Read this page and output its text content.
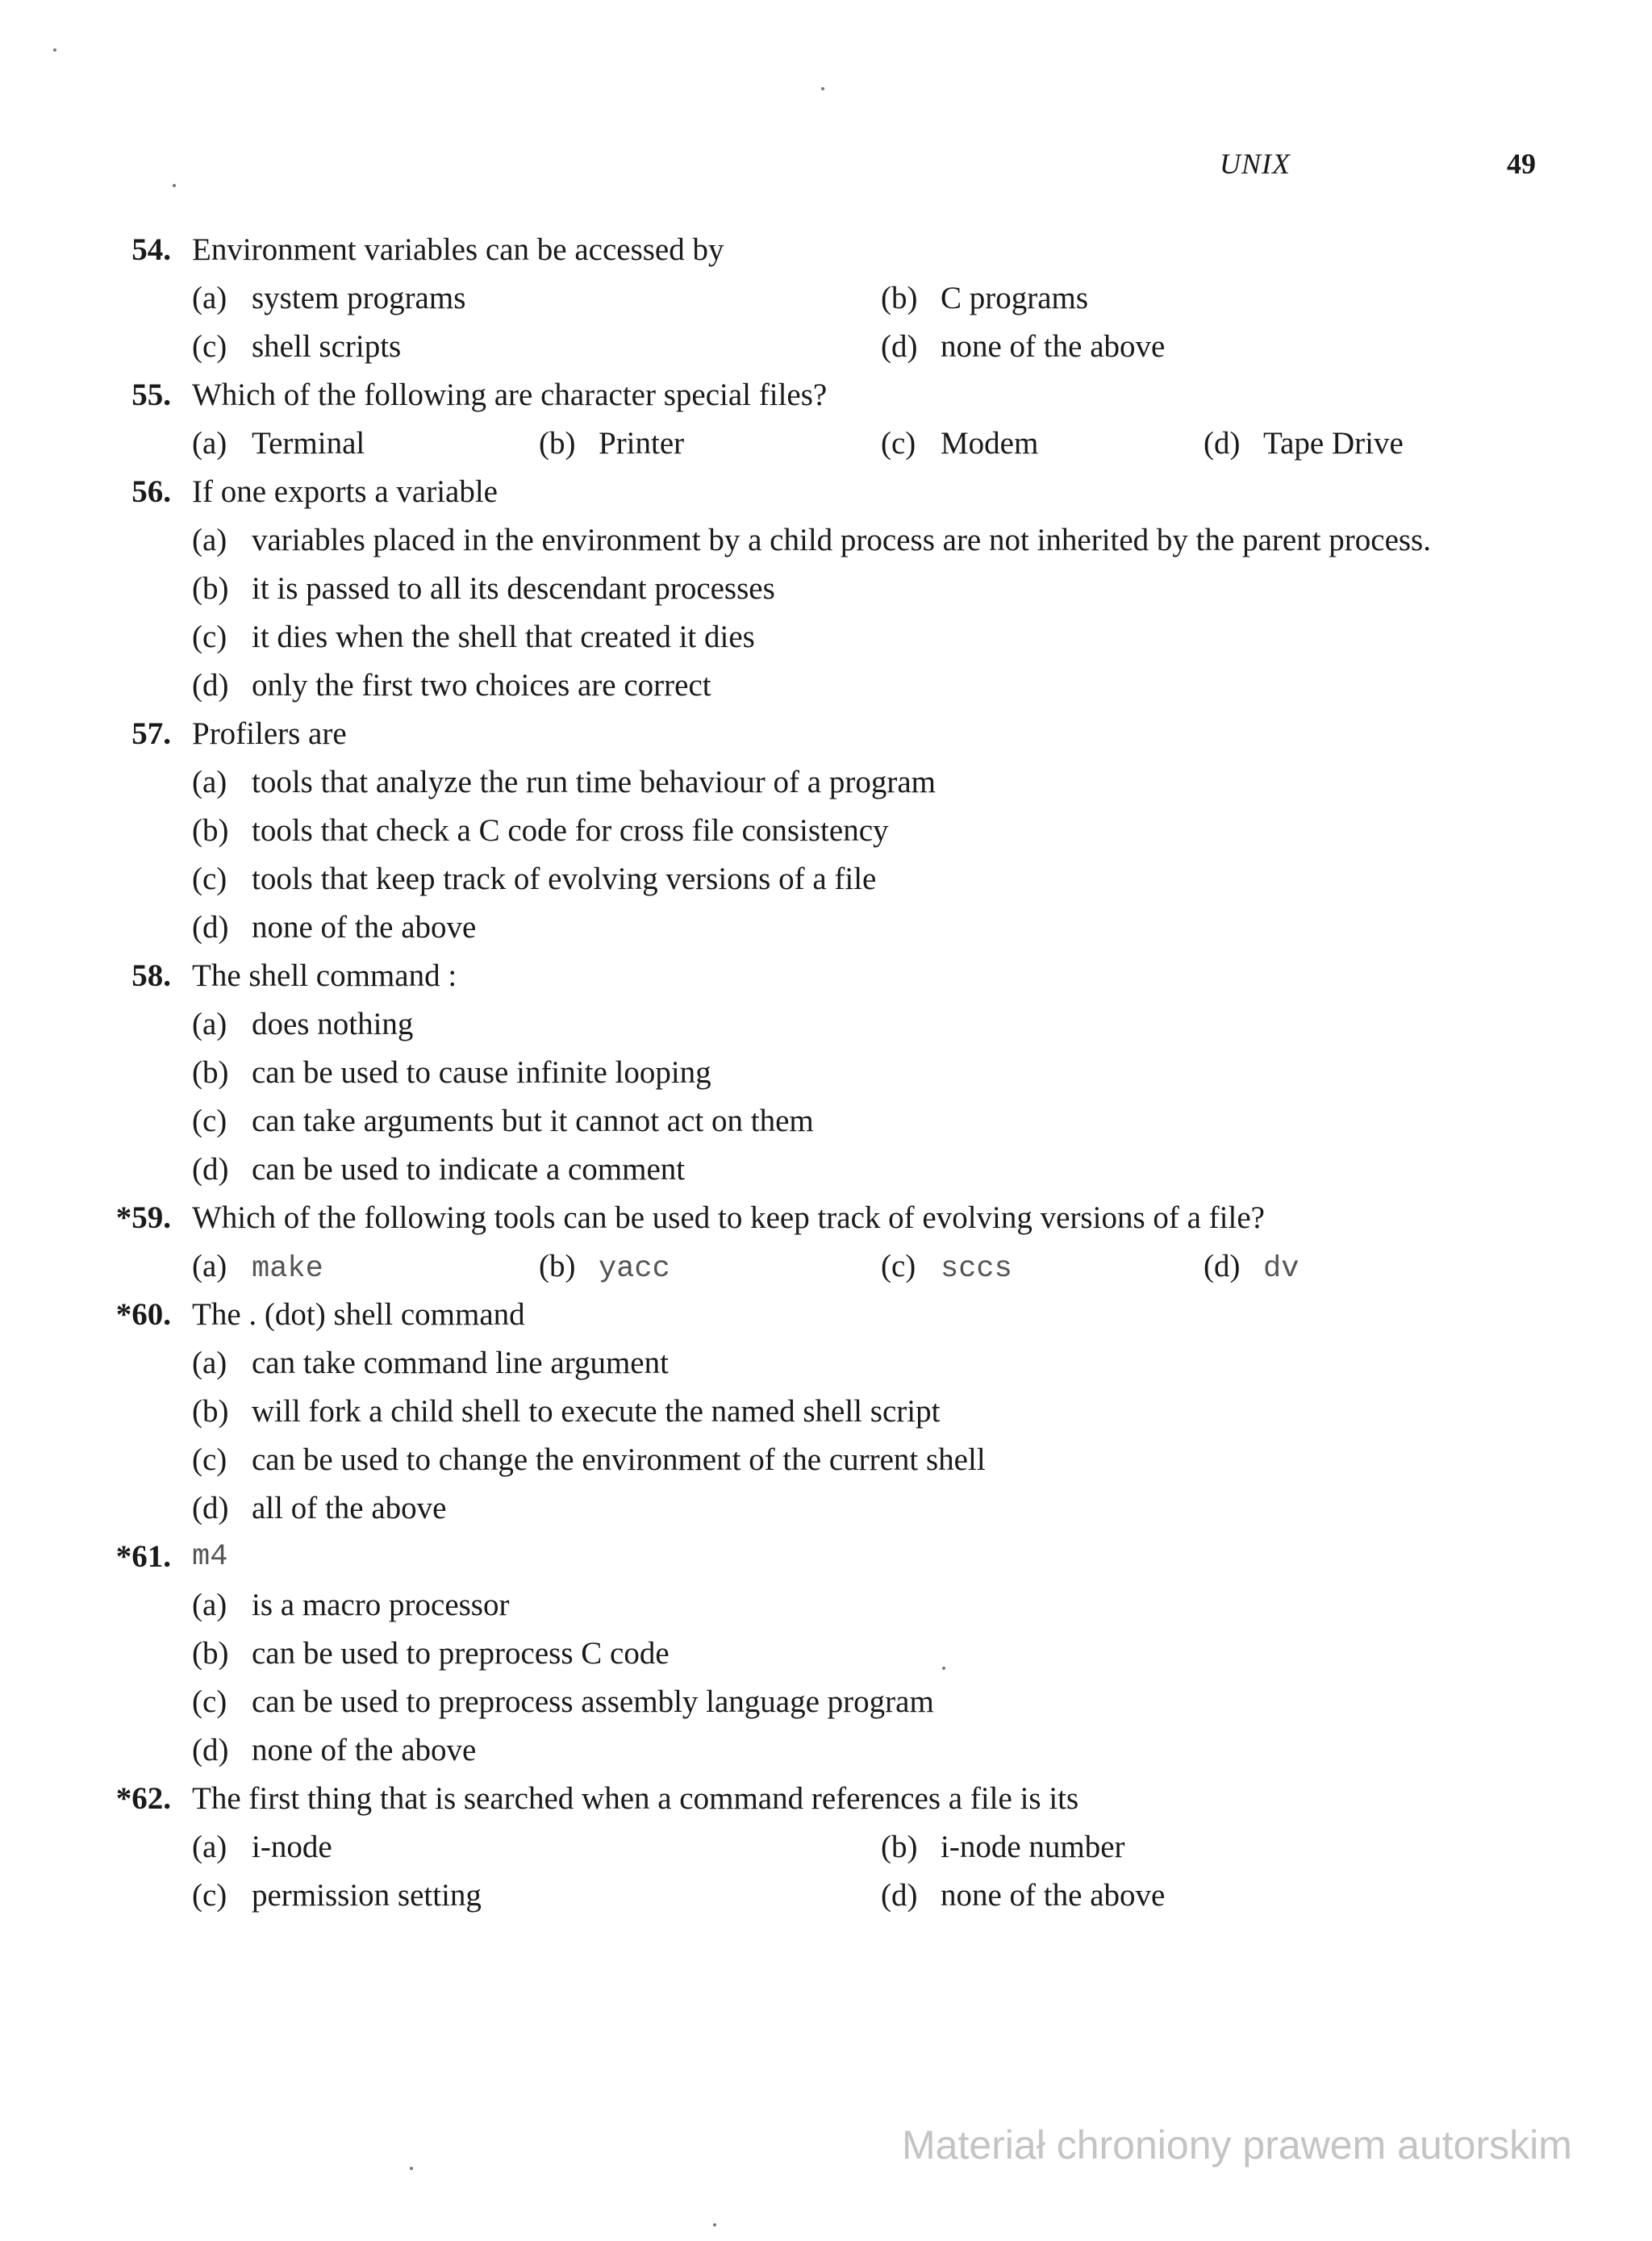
UNIX	49
54. Environment variables can be accessed by
(a) system programs	(b) C programs
(c) shell scripts	(d) none of the above
55. Which of the following are character special files?
(a) Terminal	(b) Printer	(c) Modem	(d) Tape Drive
56. If one exports a variable
(a) variables placed in the environment by a child process are not inherited by the parent process.
(b) it is passed to all its descendant processes
(c) it dies when the shell that created it dies
(d) only the first two choices are correct
57. Profilers are
(a) tools that analyze the run time behaviour of a program
(b) tools that check a C code for cross file consistency
(c) tools that keep track of evolving versions of a file
(d) none of the above
58. The shell command :
(a) does nothing
(b) can be used to cause infinite looping
(c) can take arguments but it cannot act on them
(d) can be used to indicate a comment
*59. Which of the following tools can be used to keep track of evolving versions of a file?
(a) make	(b) yacc	(c) sccs	(d) dv
*60. The . (dot) shell command
(a) can take command line argument
(b) will fork a child shell to execute the named shell script
(c) can be used to change the environment of the current shell
(d) all of the above
*61. m4
(a) is a macro processor
(b) can be used to preprocess C code
(c) can be used to preprocess assembly language program
(d) none of the above
*62. The first thing that is searched when a command references a file is its
(a) i-node	(b) i-node number
(c) permission setting	(d) none of the above
Materiał chroniony prawem autorskim
